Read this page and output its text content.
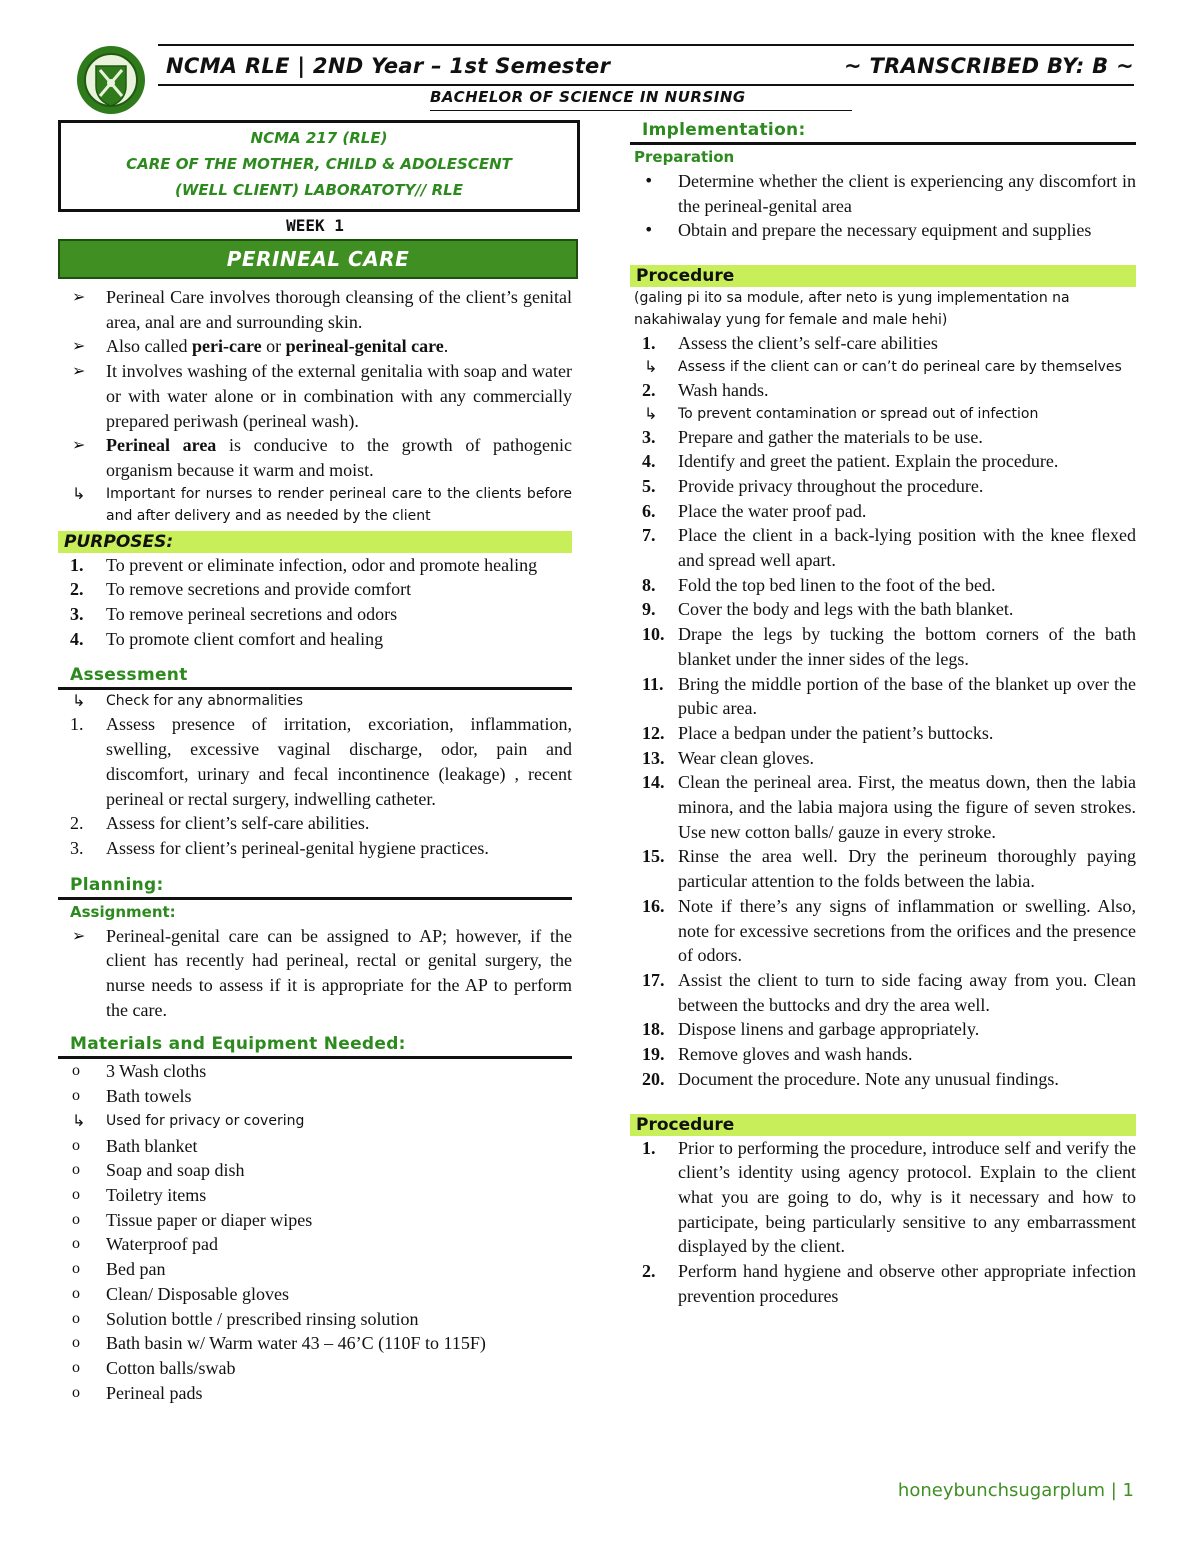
NCMA RLE | 2ND Year – 1st Semester	~ TRANSCRIBED BY: B ~
BACHELOR OF SCIENCE IN NURSING
NCMA 217 (RLE)
CARE OF THE MOTHER, CHILD & ADOLESCENT
(WELL CLIENT) LABORATOTY// RLE
WEEK 1
PERINEAL CARE
➢ Perineal Care involves thorough cleansing of the client’s genital area, anal are and surrounding skin.
➢ Also called peri-care or perineal-genital care.
➢ It involves washing of the external genitalia with soap and water or with water alone or in combination with any commercially prepared periwash (perineal wash).
➢ Perineal area is conducive to the growth of pathogenic organism because it warm and moist.
↳ Important for nurses to render perineal care to the clients before and after delivery and as needed by the client
PURPOSES:
1. To prevent or eliminate infection, odor and promote healing
2. To remove secretions and provide comfort
3. To remove perineal secretions and odors
4. To promote client comfort and healing
Assessment
↳ Check for any abnormalities
1. Assess presence of irritation, excoriation, inflammation, swelling, excessive vaginal discharge, odor, pain and discomfort, urinary and fecal incontinence (leakage) , recent perineal or rectal surgery, indwelling catheter.
2. Assess for client’s self-care abilities.
3. Assess for client’s perineal-genital hygiene practices.
Planning:
Assignment:
➢ Perineal-genital care can be assigned to AP; however, if the client has recently had perineal, rectal or genital surgery, the nurse needs to assess if it is appropriate for the AP to perform the care.
Materials and Equipment Needed:
o 3 Wash cloths
o Bath towels
↳ Used for privacy or covering
o Bath blanket
o Soap and soap dish
o Toiletry items
o Tissue paper or diaper wipes
o Waterproof pad
o Bed pan
o Clean/ Disposable gloves
o Solution bottle / prescribed rinsing solution
o Bath basin w/ Warm water 43 – 46’C (110F to 115F)
o Cotton balls/swab
o Perineal pads
Implementation:
Preparation
• Determine whether the client is experiencing any discomfort in the perineal-genital area
• Obtain and prepare the necessary equipment and supplies
Procedure
(galing pi ito sa module, after neto is yung implementation na nakahiwalay yung for female and male hehi)
1. Assess the client’s self-care abilities
↳ Assess if the client can or can’t do perineal care by themselves
2. Wash hands.
↳ To prevent contamination or spread out of infection
3. Prepare and gather the materials to be use.
4. Identify and greet the patient. Explain the procedure.
5. Provide privacy throughout the procedure.
6. Place the water proof pad.
7. Place the client in a back-lying position with the knee flexed and spread well apart.
8. Fold the top bed linen to the foot of the bed.
9. Cover the body and legs with the bath blanket.
10. Drape the legs by tucking the bottom corners of the bath blanket under the inner sides of the legs.
11. Bring the middle portion of the base of the blanket up over the pubic area.
12. Place a bedpan under the patient’s buttocks.
13. Wear clean gloves.
14. Clean the perineal area. First, the meatus down, then the labia minora, and the labia majora using the figure of seven strokes. Use new cotton balls/ gauze in every stroke.
15. Rinse the area well. Dry the perineum thoroughly paying particular attention to the folds between the labia.
16. Note if there’s any signs of inflammation or swelling. Also, note for excessive secretions from the orifices and the presence of odors.
17. Assist the client to turn to side facing away from you. Clean between the buttocks and dry the area well.
18. Dispose linens and garbage appropriately.
19. Remove gloves and wash hands.
20. Document the procedure. Note any unusual findings.
Procedure
1. Prior to performing the procedure, introduce self and verify the client’s identity using agency protocol. Explain to the client what you are going to do, why is it necessary and how to participate, being particularly sensitive to any embarrassment displayed by the client.
2. Perform hand hygiene and observe other appropriate infection prevention procedures
honeybunchsugarplum | 1
